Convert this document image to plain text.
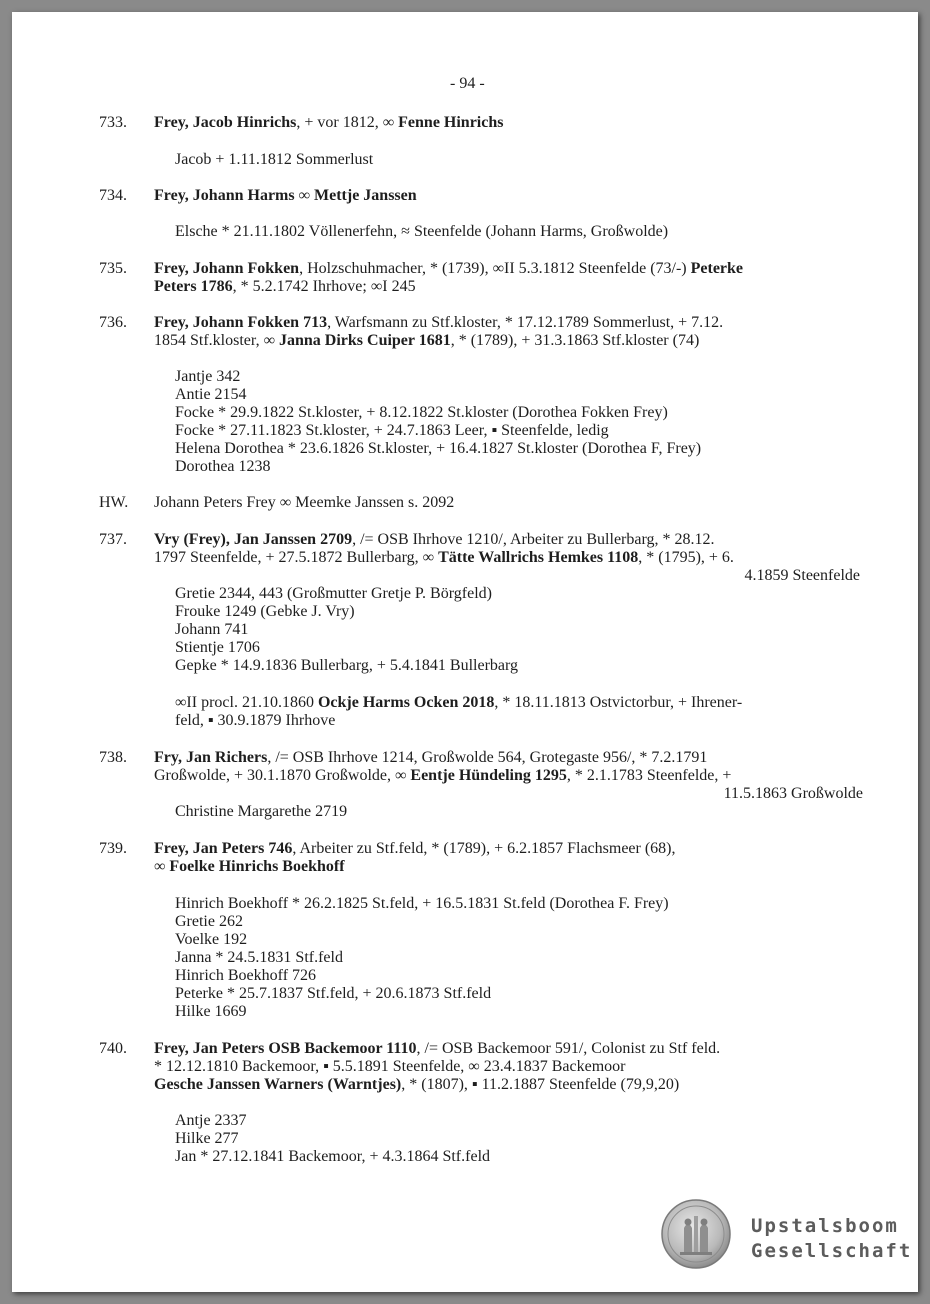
- 94 -
733. Frey, Jacob Hinrichs, + vor 1812, ∞ Fenne Hinrichs
Jacob + 1.11.1812 Sommerlust
734. Frey, Johann Harms ∞ Mettje Janssen
Elsche * 21.11.1802 Völlenerfehn, ≈ Steenfelde (Johann Harms, Großwolde)
735. Frey, Johann Fokken, Holzschuhmacher, * (1739), ∞II 5.3.1812 Steenfelde (73/-) Peterke
Peters 1786, * 5.2.1742 Ihrhove; ∞I 245
736. Frey, Johann Fokken 713, Warfsmann zu Stf.kloster, * 17.12.1789 Sommerlust, + 7.12.
1854 Stf.kloster, ∞ Janna Dirks Cuiper 1681, * (1789), + 31.3.1863 Stf.kloster (74)
Jantje 342
Antie 2154
Focke * 29.9.1822 St.kloster, + 8.12.1822 St.kloster (Dorothea Fokken Frey)
Focke * 27.11.1823 St.kloster, + 24.7.1863 Leer, ▪ Steenfelde, ledig
Helena Dorothea * 23.6.1826 St.kloster, + 16.4.1827 St.kloster (Dorothea F, Frey)
Dorothea 1238
HW. Johann Peters Frey ∞ Meemke Janssen s. 2092
737. Vry (Frey), Jan Janssen 2709, /= OSB Ihrhove 1210/, Arbeiter zu Bullerbarg, * 28.12.
1797 Steenfelde, + 27.5.1872 Bullerbarg, ∞ Tätte Wallrichs Hemkes 1108, * (1795), + 6.
4.1859 Steenfelde
Gretie 2344, 443 (Großmutter Gretje P. Börgfeld)
Frouke 1249 (Gebke J. Vry)
Johann 741
Stientje 1706
Gepke * 14.9.1836 Bullerbarg, + 5.4.1841 Bullerbarg
∞II procl. 21.10.1860 Ockje Harms Ocken 2018, * 18.11.1813 Ostvictorbur, + Ihrener-
feld, ▪ 30.9.1879 Ihrhove
738. Fry, Jan Richers, /= OSB Ihrhove 1214, Großwolde 564, Grotegaste 956/, * 7.2.1791
Großwolde, + 30.1.1870 Großwolde, ∞ Eentje Hündeling 1295, * 2.1.1783 Steenfelde, +
11.5.1863 Großwolde
Christine Margarethe 2719
739. Frey, Jan Peters 746, Arbeiter zu Stf.feld, * (1789), + 6.2.1857 Flachsmeer (68),
∞ Foelke Hinrichs Boekhoff
Hinrich Boekhoff * 26.2.1825 St.feld, + 16.5.1831 St.feld (Dorothea F. Frey)
Gretie 262
Voelke 192
Janna * 24.5.1831 Stf.feld
Hinrich Boekhoff 726
Peterke * 25.7.1837 Stf.feld, + 20.6.1873 Stf.feld
Hilke 1669
740. Frey, Jan Peters OSB Backemoor 1110, /= OSB Backemoor 591/, Colonist zu Stf feld.
* 12.12.1810 Backemoor, ▪ 5.5.1891 Steenfelde, ∞ 23.4.1837 Backemoor
Gesche Janssen Warners (Warntjes), * (1807), ▪ 11.2.1887 Steenfelde (79,9,20)
Antje 2337
Hilke 277
Jan * 27.12.1841 Backemoor, + 4.3.1864 Stf.feld
Upstalsboom
Gesellschaft
